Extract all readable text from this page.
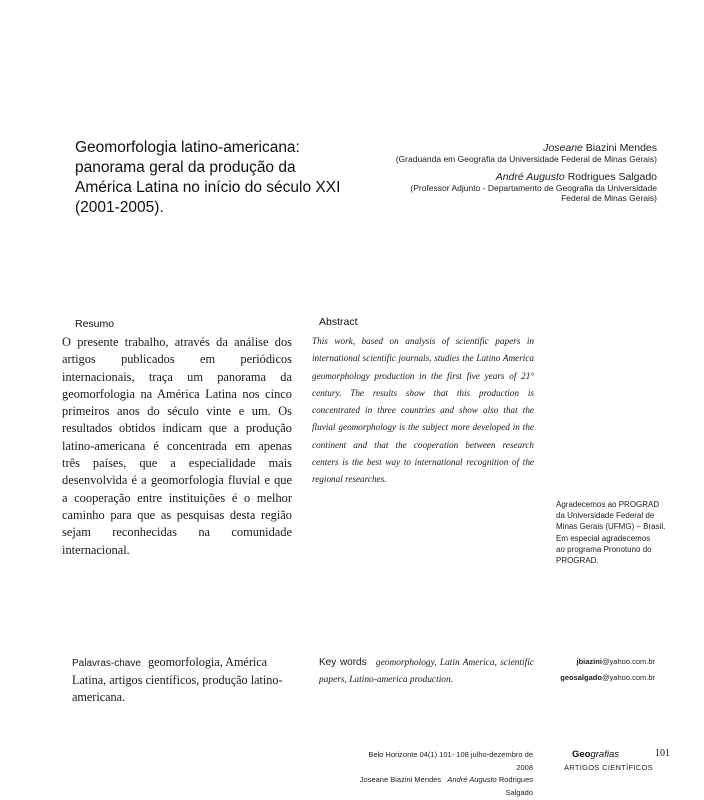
Geomorfologia latino-americana:
panorama geral da produção da
América Latina no início do século XXI
(2001-2005).
Joseane Biazini Mendes
(Graduanda em Geografia da Universidade Federal de Minas Gerais)
André Augusto Rodrigues Salgado
(Professor Adjunto - Departamento de Geografia da Universidade
Federal de Minas Gerais)
Resumo
O presente trabalho, através da análise dos artigos publicados em periódicos internacionais, traça um panorama da geomorfologia na América Latina nos cinco primeiros anos do século vinte e um. Os resultados obtidos indicam que a produção latino-americana é concentrada em apenas três países, que a especialidade mais desenvolvida é a geomorfologia fluvial e que a cooperação entre instituições é o melhor caminho para que as pesquisas desta região sejam reconhecidas na comunidade internacional.
Abstract
This work, based on analysis of scientific papers in international scientific journals, studies the Latino America geomorphology production in the first five years of 21° century. The results show that this production is concentrated in three countries and show also that the fluvial geomorphology is the subject more developed in the continent and that the cooperation between research centers is the best way to international recognition of the regional researches.
Agradecemos ao PROGRAD
da Universidade Federal de
Minas Gerais (UFMG) – Brasil.
Em especial agradecemos
ao programa Pronotuno do
PROGRAD.
Palavras-chave geomorfologia, América Latina, artigos científicos, produção latino-americana.
Key words geomorphology, Latin America, scientific papers, Latino-america production.
jbiazini@yahoo.com.br
geosalgado@yahoo.com.br
Belo Horizonte 04(1) 101- 108 julho-dezembro de 2008
Joseane Biazini Mendes André Augusto Rodrigues Salgado
Geografias
ARTIGOS CIENTÍFICOS
101
